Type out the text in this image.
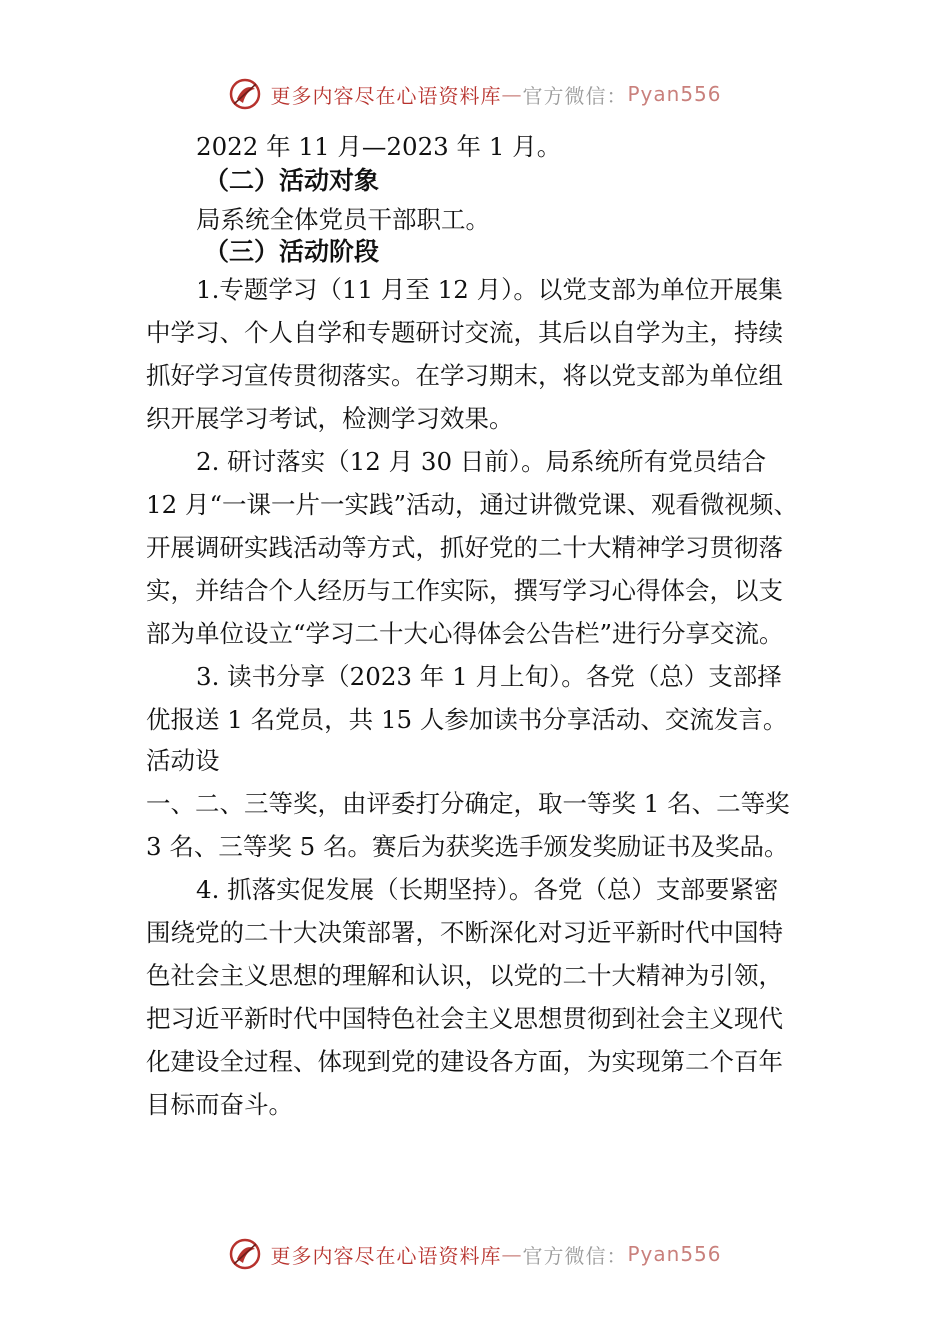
更多内容尽在心语资料库 — 官方微信： Pyan556
2022 年 11 月—2023 年 1 月。
（二）活动对象
局系统全体党员干部职工。
（三）活动阶段
1.专题学习（11 月至 12 月）。以党支部为单位开展集
中学习、个人自学和专题研讨交流，其后以自学为主，持续
抓好学习宣传贯彻落实。在学习期末，将以党支部为单位组
织开展学习考试，检测学习效果。
2. 研讨落实（12 月 30 日前）。局系统所有党员结合
12 月“一课一片一实践”活动，通过讲微党课、观看微视频、
开展调研实践活动等方式，抓好党的二十大精神学习贯彻落
实，并结合个人经历与工作实际，撰写学习心得体会，以支
部为单位设立“学习二十大心得体会公告栏”进行分享交流。
3. 读书分享（2023 年 1 月上旬）。各党（总）支部择
优报送 1 名党员，共 15 人参加读书分享活动、交流发言。
活动设
一、二、三等奖，由评委打分确定，取一等奖 1 名、二等奖
3 名、三等奖 5 名。赛后为获奖选手颁发奖励证书及奖品。
4. 抓落实促发展（长期坚持）。各党（总）支部要紧密
围绕党的二十大决策部署，不断深化对习近平新时代中国特
色社会主义思想的理解和认识，以党的二十大精神为引领，
把习近平新时代中国特色社会主义思想贯彻到社会主义现代
化建设全过程、体现到党的建设各方面，为实现第二个百年
目标而奋斗。
更多内容尽在心语资料库 — 官方微信： Pyan556
